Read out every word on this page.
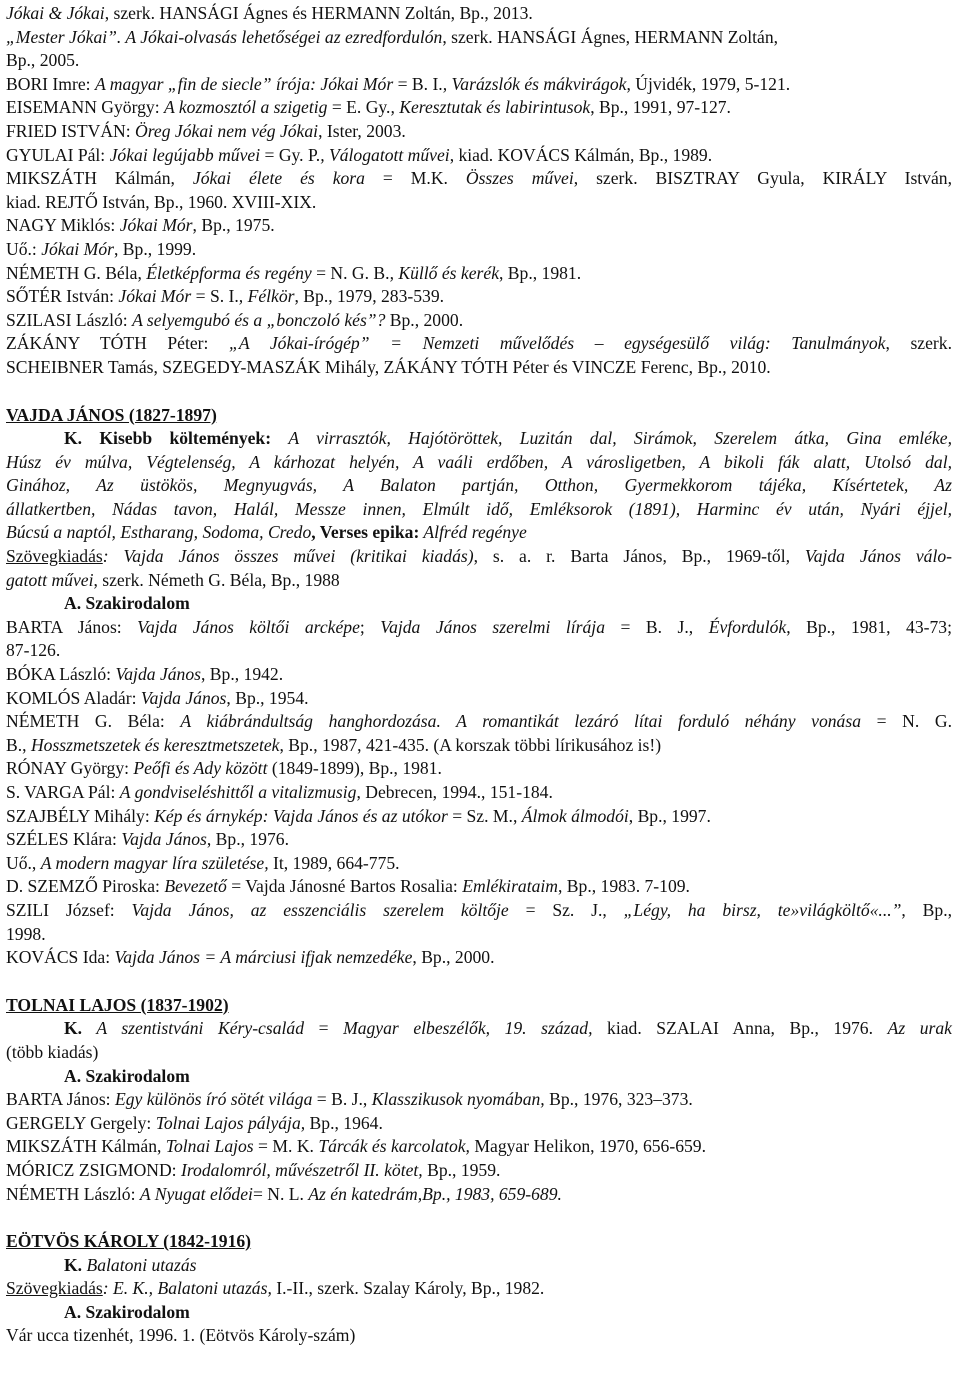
Jókai & Jókai, szerk. HANSÁGI Ágnes és HERMANN Zoltán, Bp., 2013.
„Mester Jókai”. A Jókai-olvasás lehetőségei az ezredfordulón, szerk. HANSÁGI Ágnes, HERMANN Zoltán,
Bp., 2005.
BORI Imre: A magyar „fin de siecle” írója: Jókai Mór = B. I., Varázslók és mákvirágok, Újvidék, 1979, 5-121.
EISEMANN György: A kozmosztól a szigetig = E. Gy., Keresztutak és labirintusok, Bp., 1991, 97-127.
FRIED ISTVÁN: Öreg Jókai nem vég Jókai, Ister, 2003.
GYULAI Pál: Jókai legújabb művei = Gy. P., Válogatott művei, kiad. KOVÁCS Kálmán, Bp., 1989.
MIKSZÁTH Kálmán, Jókai élete és kora = M.K. Összes művei, szerk. BISZTRAY Gyula, KIRÁLY István,
kiad. REJTŐ István, Bp., 1960. XVIII-XIX.
NAGY Miklós: Jókai Mór, Bp., 1975.
Uő.: Jókai Mór, Bp., 1999.
NÉMETH G. Béla, Életképforma és regény = N. G. B., Küllő és kerék, Bp., 1981.
SŐTÉR István: Jókai Mór = S. I., Félkör, Bp., 1979, 283-539.
SZILASI László: A selyemgubó és a „bonczoló kés”? Bp., 2000.
ZÁKÁNY TÓTH Péter: „A Jókai-írógép” = Nemzeti művelődés – egységesülő világ: Tanulmányok, szerk.
SCHEIBNER Tamás, SZEGEDY-MASZÁK Mihály, ZÁKÁNY TÓTH Péter és VINCZE Ferenc, Bp., 2010.
VAJDA JÁNOS (1827-1897)
K. Kisebb költemények: A virrasztók, Hajótöröttek, Luzitán dal, Sirámok, Szerelem átka, Gina emléke,
Húsz év múlva, Végtelenség, A kárhozat helyén, A vaáli erdőben, A városligetben, A bikoli fák alatt, Utolsó dal,
Ginához, Az üstökös, Megnyugvás, A Balaton partján, Otthon, Gyermekkorom tájéka, Kísértetek, Az
állatkertben, Nádas tavon, Halál, Messze innen, Elmúlt idő, Emléksorok (1891), Harminc év után, Nyári éjjel,
Búcsú a naptól, Estharang, Sodoma, Credo, Verses epika: Alfréd regénye
Szövegkiadás: Vajda János összes művei (kritikai kiadás), s. a. r. Barta János, Bp., 1969-től, Vajda János válo-
gatott művei, szerk. Németh G. Béla, Bp., 1988
A. Szakirodalom
BARTA János: Vajda János költői arcképe; Vajda János szerelmi lírája = B. J., Évfordulók, Bp., 1981, 43-73;
87-126.
BÓKA László: Vajda János, Bp., 1942.
KOMLÓS Aladár: Vajda János, Bp., 1954.
NÉMETH G. Béla: A kiábrándultság hanghordozása. A romantikát lezáró lítai forduló néhány vonása = N. G.
B., Hosszmetszetek és keresztmetszetek, Bp., 1987, 421-435. (A korszak többi lírikusához is!)
RÓNAY György: Peőfi és Ady között (1849-1899), Bp., 1981.
S. VARGA Pál: A gondviseléshittől a vitalizmusig, Debrecen, 1994., 151-184.
SZAJBÉLY Mihály: Kép és árnykép: Vajda János és az utókor = Sz. M., Álmok álmodói, Bp., 1997.
SZÉLES Klára: Vajda János, Bp., 1976.
Uő., A modern magyar líra születése, It, 1989, 664-775.
D. SZEMZŐ Piroska: Bevezető = Vajda Jánosné Bartos Rosalia: Emlékirataim, Bp., 1983. 7-109.
SZILI József: Vajda János, az esszenciális szerelem költője = Sz. J., „Légy, ha birsz, te»világköltő«...”, Bp.,
1998.
KOVÁCS Ida: Vajda János = A márciusi ifjak nemzedéke, Bp., 2000.
TOLNAI LAJOS (1837-1902)
K. A szentistváni Kéry-család = Magyar elbeszélők, 19. század, kiad. SZALAI Anna, Bp., 1976. Az urak
(több kiadás)
A. Szakirodalom
BARTA János: Egy különös író sötét világa = B. J., Klasszikusok nyomában, Bp., 1976, 323–373.
GERGELY Gergely: Tolnai Lajos pályája, Bp., 1964.
MIKSZÁTH Kálmán, Tolnai Lajos = M. K. Tárcák és karcolatok, Magyar Helikon, 1970, 656-659.
MÓRICZ ZSIGMOND: Irodalomról, művészetről II. kötet, Bp., 1959.
NÉMETH László: A Nyugat elődei= N. L. Az én katedrám,Bp., 1983, 659-689.
EÖTVÖS KÁROLY (1842-1916)
K. Balatoni utazás
Szövegkiadás: E. K., Balatoni utazás, I.-II., szerk. Szalay Károly, Bp., 1982.
A. Szakirodalom
Vár ucca tizenhét, 1996. 1. (Eötvös Károly-szám)
